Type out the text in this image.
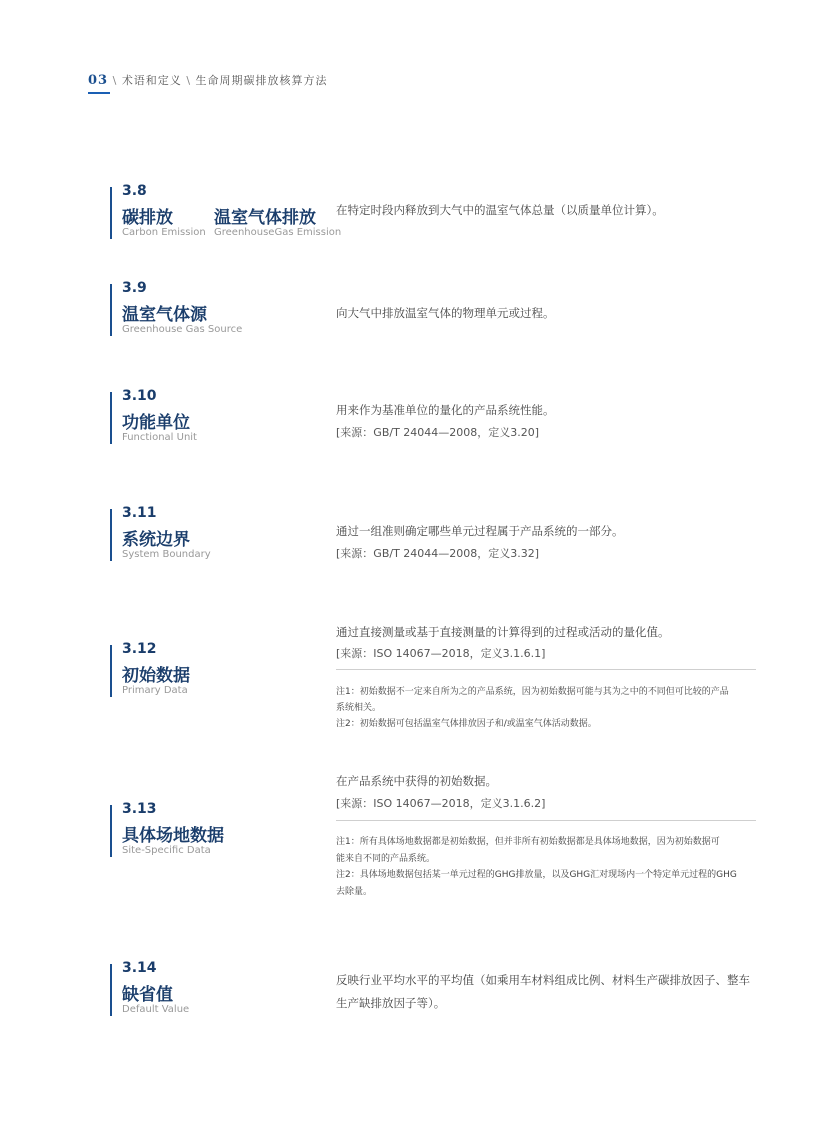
03 \ 术语和定义 \ 生命周期碳排放核算方法
3.8
碳排放
Carbon Emission
温室气体排放
GreenhouseGas Emission
在特定时段内释放到大气中的温室气体总量（以质量单位计算）。
3.9
温室气体源
Greenhouse Gas Source
向大气中排放温室气体的物理单元或过程。
3.10
功能单位
Functional Unit
用来作为基准单位的量化的产品系统性能。
[来源：GB/T 24044—2008，定义3.20]
3.11
系统边界
System Boundary
通过一组准则确定哪些单元过程属于产品系统的一部分。
[来源：GB/T 24044—2008，定义3.32]
3.12
初始数据
Primary Data
通过直接测量或基于直接测量的计算得到的过程或活动的量化值。
[来源：ISO 14067—2018，定义3.1.6.1]
注1：初始数据不一定来自所为之的产品系统，因为初始数据可能与其为之中的不同但可比较的产品
系统相关。
注2：初始数据可包括温室气体排放因子和/或温室气体活动数据。
3.13
具体场地数据
Site-Specific Data
在产品系统中获得的初始数据。
[来源：ISO 14067—2018，定义3.1.6.2]
注1：所有具体场地数据都是初始数据，但并非所有初始数据都是具体场地数据，因为初始数据可
能来自不同的产品系统。
注2：具体场地数据包括某一单元过程的GHG排放量，以及GHG汇对现场内一个特定单元过程的GHG
去除量。
3.14
缺省值
Default Value
反映行业平均水平的平均值（如乘用车材料组成比例、材料生产碳排放因子、整车
生产缺排放因子等）。
